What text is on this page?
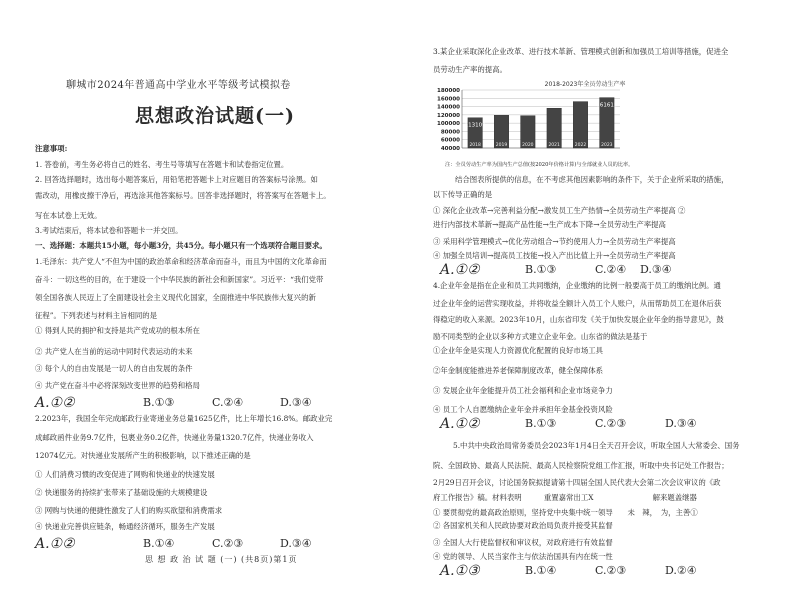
聊城市2024年普通高中学业水平等级考试模拟卷
思想政治试题(一)
注意事项:
1. 答卷前，考生务必将自己的姓名、考生号等填写在答题卡和试卷指定位置。
2. 回答选择题时，选出每小题答案后，用铅笔把答题卡上对应题目的答案标号涂黑。如
需改动，用橡皮擦干净后，再选涂其他答案标号。回答非选择题时，将答案写在答题卡上。
写在本试卷上无效。
3.考试结束后，将本试卷和答题卡一并交回。
一、选择题：本题共15小题，每小题3分，共45分。每小题只有一个选项符合题目要求。
1.毛泽东：共产党人“不但为中国的政治革命和经济革命而奋斗，而且为中国的文化革命而
奋斗：一切这些的目的，在于建设一个中华民族的新社会和新国家”。习近平：“我们党带
领全国各族人民迈上了全面建设社会主义现代化国家，全面推进中华民族伟大复兴的新
征程”。下列表述与材料主旨相同的是
① 得到人民的拥护和支持是共产党成功的根本所在
② 共产党人在当前的运动中同时代表运动的未来
③ 每个人的自由发展是一切人的自由发展的条件
④ 共产党在奋斗中必将深刻改变世界的趋势和格局
A.①②	B.①③	C.②④	D.③④
2.2023年，我国全年完成邮政行业寄递业务总量1625亿件，比上年增长16.8%。邮政业完
成邮政函件业务9.7亿件，包裹业务0.2亿件，快递业务量1320.7亿件，快递业务收入
12074亿元。对快递业发展所产生的积极影响，以下推述正确的是
① 人们消费习惯的改变促进了网购和快递业的快速发展
② 快递服务的持续扩张带来了基础设施的大规模建设
③ 网购与快递的便捷性激发了人们的购买欲望和消费需求
④ 快递业完善供应链条，畅通经济循环，服务生产发展
A.①②	B.①④	C.②③	D.③④
思 想 政 治 试 题 (一) (共8页)第1页
3.某企业采取深化企业改革、进行技术革新、管理模式创新和加强员工培训等措施，促进全
员劳动生产率的提高。
2018-2023年全员劳动生产率
40000
60000
80000
100000
120000
140000
160000
180000
2018	2019	2020	2021	2022	2023
113109
161615
注：全员劳动生产率为国内生产总值(按2020年价格计算)与全部就业人员的比率。
结合图表所提供的信息，在不考虑其他因素影响的条件下，关于企业所采取的措施，
以下传导正确的是
① 深化企业改革→完善利益分配→激发员工生产热情→全员劳动生产率提高 ②
进行内部技术革新→提高产品性能→生产成本下降→全员劳动生产率提高
③ 采用科学管理模式→优化劳动组合→节约使用人力→全员劳动生产率提高
④ 加强全员培训→提高员工技能→投入产出比值上升→全员劳动生产率提高
A.①②	B.①③	C.②④ D.③④
4.企业年金是指在企业和员工共同缴纳，企业缴纳的比例一般要高于员工的缴纳比例。通
过企业年金的运营实现收益，并将收益全额计入员工个人账户，从而帮助员工在退休后获
得稳定的收入来源。2023年10月，山东省印发《关于加快发展企业年金的指导意见》，鼓
励不同类型的企业以多种方式建立企业年金。山东省的做法是基于
①企业年金是实现人力资源优化配置的良好市场工具
②年金制度能推进养老保障制度改革，健全保障体系
③ 发展企业年金能提升员工社会福利和企业市场竞争力
④ 员工个人自愿缴纳企业年金并承担年金基金投资风险
A.①②	B.①③	C.②③	D.③④
5.中共中央政治局常务委员会2023年1月4日全天召开会议，听取全国人大常委会、国务
院、全国政协、最高人民法院、最高人民检察院党组工作汇报，听取中央书记处工作报告；
2月29日召开会议，讨论国务院拟提请第十四届全国人民代表大会第二次会议审议的《政
府工作报告》稿。材料表明　　　重置嘉常出工X　　　　　　　　解来题盖继器
① 要贯彻党的最高政治原则，坚持党中央集中统一领导　　未　辣，　为，主善①
② 各国家机关和人民政协要对政治局负责并接受其监督
③ 全国人大行使监督权和审议权，对政府进行有效监督
④ 党的领导、人民当家作主与依法治国具有内在统一性
A.①③	B.①④	C.②③	D.②④
